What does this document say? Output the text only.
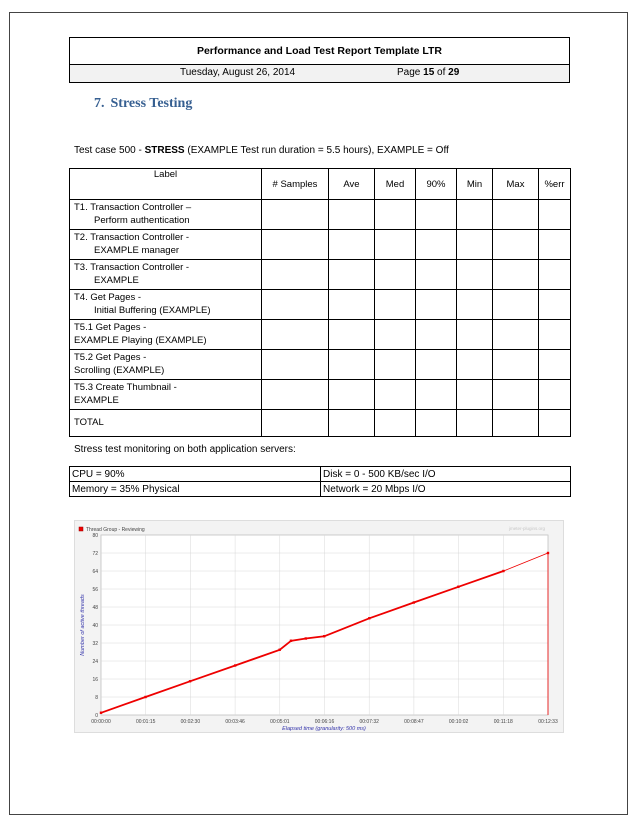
Performance and Load Test Report Template LTR

Tuesday, August 26, 2014	Page 15 of 29
7. Stress Testing
Test case 500 - STRESS (EXAMPLE Test run duration = 5.5 hours), EXAMPLE = Off
Label	# Samples	Ave	Med	90%	Min	Max	%err
T1. Transaction Controller –
Perform authentication							

T2. Transaction Controller -
EXAMPLE manager							

T3. Transaction Controller -
EXAMPLE							

T4. Get Pages -
Initial Buffering (EXAMPLE)							

T5.1 Get Pages -
EXAMPLE Playing (EXAMPLE)							
T5.2 Get Pages -
Scrolling (EXAMPLE)							
T5.3 Create Thumbnail -
EXAMPLE							
TOTAL							
Stress test monitoring on both application servers:
CPU = 90%	Disk = 0 - 500 KB/sec I/O
Memory = 35% Physical	Network = 20 Mbps I/O
0
8
16
24
32
40
48
56
64
72
80
00:00:00	00:01:15	00:02:30	00:03:46	00:05:01	00:06:16	00:07:32	00:08:47	00:10:02	00:11:18	00:12:33
Thread Group - Reviewing	jmeter-plugins.org
Elapsed time (granularity: 500 ms)
Number of active threads
